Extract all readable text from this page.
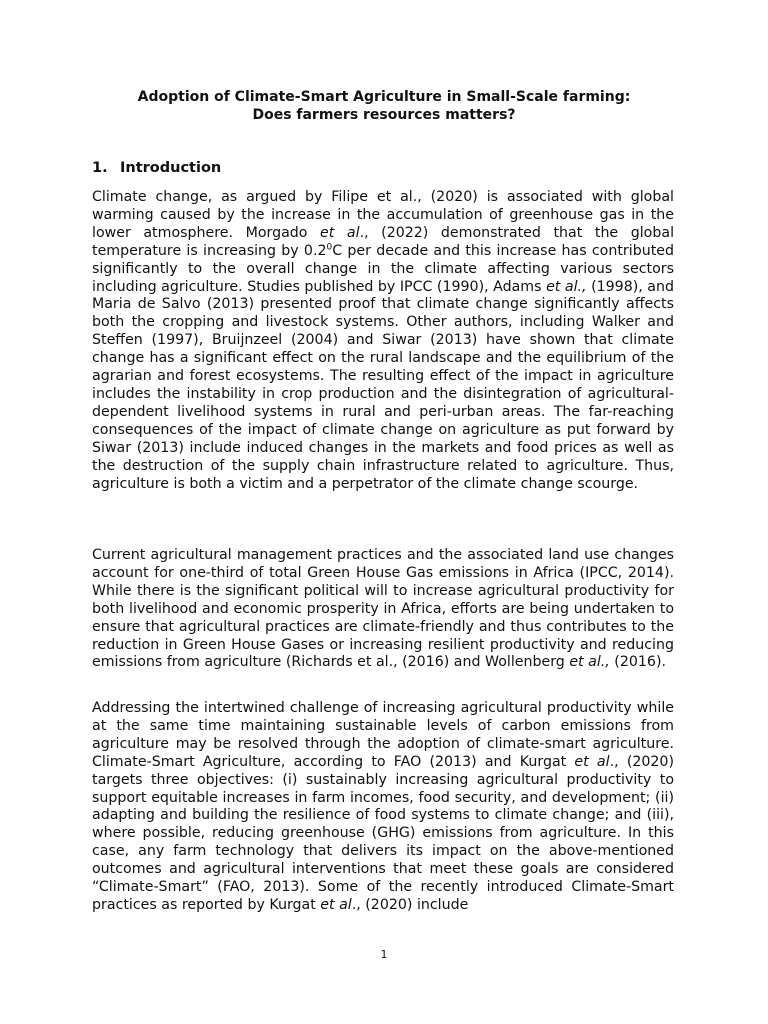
Adoption of Climate-Smart Agriculture in Small-Scale farming:
Does farmers resources matters?
1. Introduction

Climate change, as argued by Filipe et al., (2020) is associated with global warming caused by the increase in the accumulation of greenhouse gas in the lower atmosphere. Morgado et al., (2022) demonstrated that the global temperature is increasing by $0.2^0C$ per decade and this increase has contributed significantly to the overall change in the climate affecting various sectors including agriculture. Studies published by IPCC (1990), Adams et al., (1998), and Maria de Salvo (2013) presented proof that climate change significantly affects both the cropping and livestock systems. Other authors, including Walker and Steffen (1997), Bruijnzeel (2004) and Siwar (2013) have shown that climate change has a significant effect on the rural landscape and the equilibrium of the agrarian and forest ecosystems. The resulting effect of the impact in agriculture includes the instability in crop production and the disintegration of agricultural-dependent livelihood systems in rural and peri-urban areas. The far-reaching consequences of the impact of climate change on agriculture as put forward by Siwar (2013) include induced changes in the markets and food prices as well as the destruction of the supply chain infrastructure related to agriculture. Thus, agriculture is both a victim and a perpetrator of the climate change scourge.

Current agricultural management practices and the associated land use changes account for one-third of total Green House Gas emissions in Africa (IPCC, 2014). While there is the significant political will to increase agricultural productivity for both livelihood and economic prosperity in Africa, efforts are being undertaken to ensure that agricultural practices are climate-friendly and thus contributes to the reduction in Green House Gases or increasing resilient productivity and reducing emissions from agriculture (Richards et al., (2016) and Wollenberg et al., (2016).

Addressing the intertwined challenge of increasing agricultural productivity while at the same time maintaining sustainable levels of carbon emissions from agriculture may be resolved through the adoption of climate-smart agriculture. Climate-Smart Agriculture, according to FAO (2013) and Kurgat et al., (2020) targets three objectives: (i) sustainably increasing agricultural productivity to support equitable increases in farm incomes, food security, and development; (ii) adapting and building the resilience of food systems to climate change; and (iii), where possible, reducing greenhouse (GHG) emissions from agriculture. In this case, any farm technology that delivers its impact on the above-mentioned outcomes and agricultural interventions that meet these goals are considered “Climate-Smart” (FAO, 2013). Some of the recently introduced Climate-Smart practices as reported by Kurgat et al., (2020) include

1
